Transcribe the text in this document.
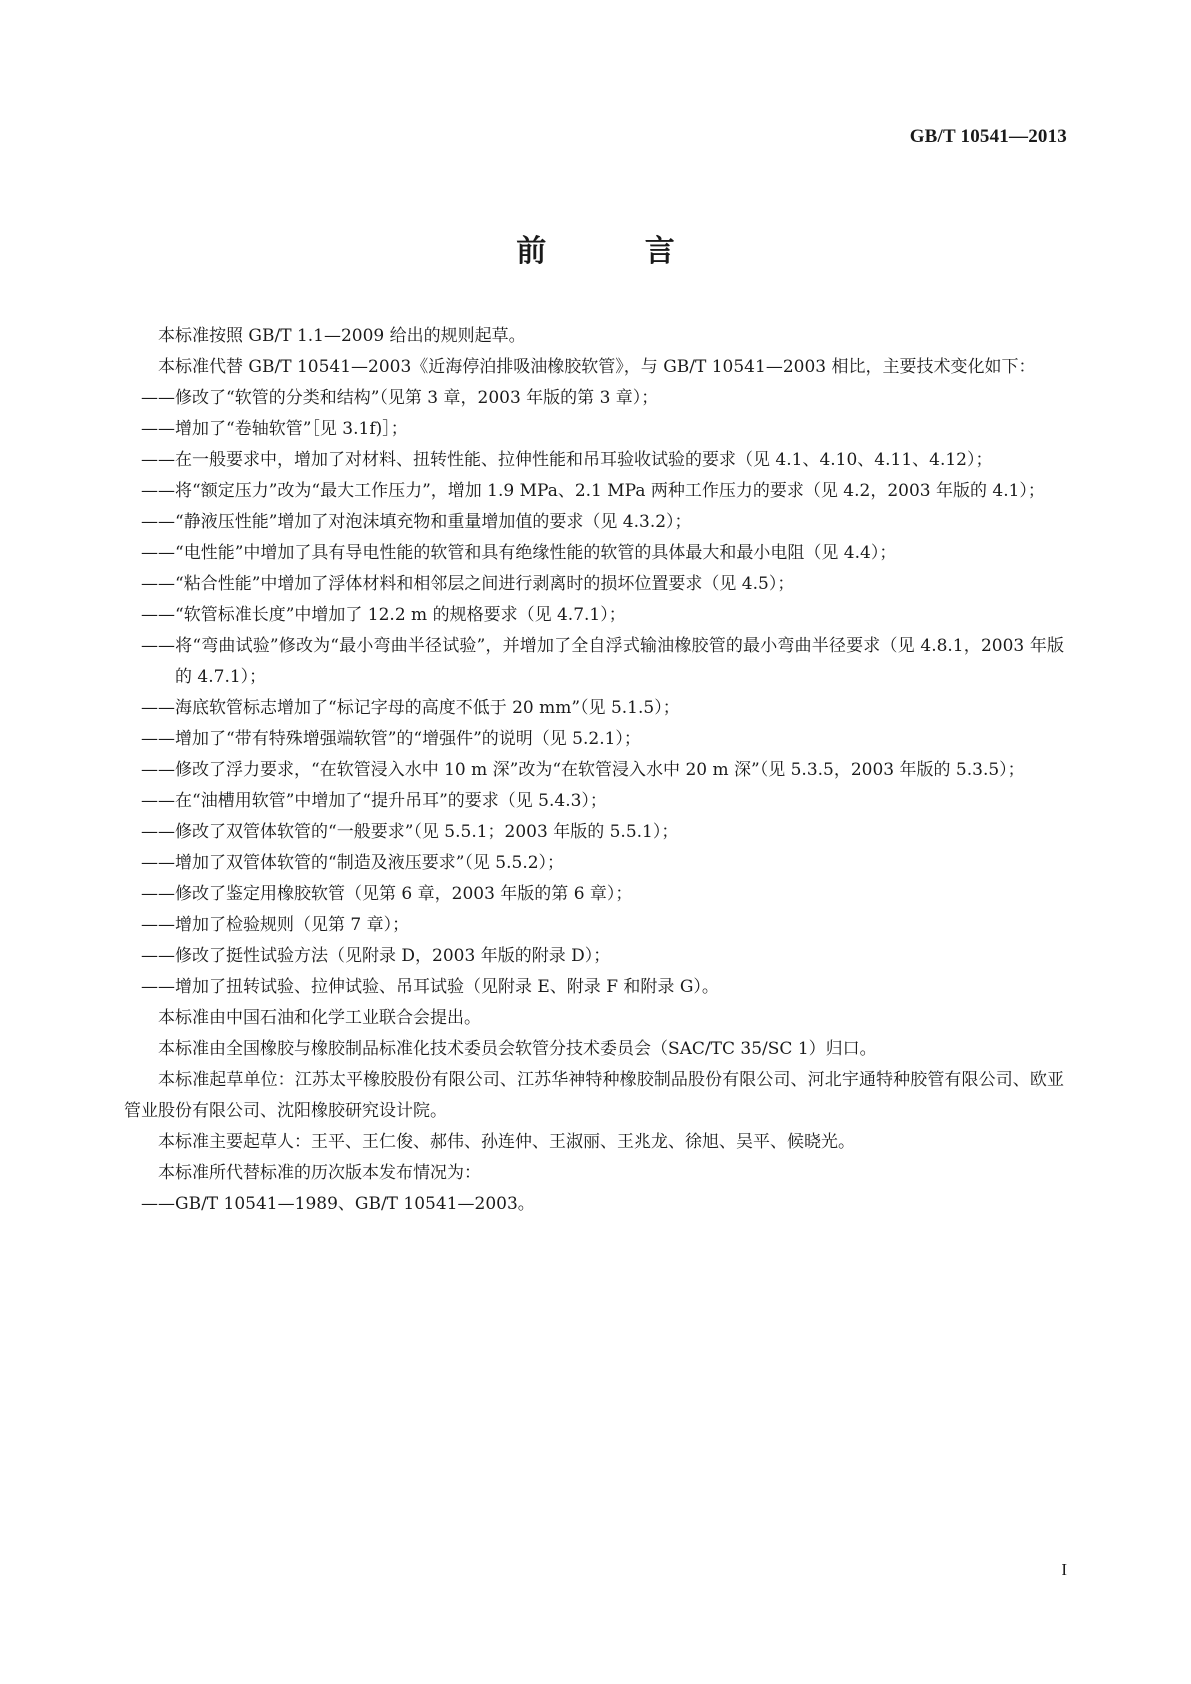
GB/T 10541—2013
前 言
本标准按照 GB/T 1.1—2009 给出的规则起草。
本标准代替 GB/T 10541—2003《近海停泊排吸油橡胶软管》，与 GB/T 10541—2003 相比，主要技术变化如下：
——修改了“软管的分类和结构”（见第 3 章，2003 年版的第 3 章）；
——增加了“卷轴软管”［见 3.1f)］；
——在一般要求中，增加了对材料、扭转性能、拉伸性能和吊耳验收试验的要求（见 4.1、4.10、4.11、4.12）；
——将“额定压力”改为“最大工作压力”，增加 1.9 MPa、2.1 MPa 两种工作压力的要求（见 4.2，2003 年版的 4.1）；
——“静液压性能”增加了对泡沫填充物和重量增加值的要求（见 4.3.2）；
——“电性能”中增加了具有导电性能的软管和具有绝缘性能的软管的具体最大和最小电阻（见 4.4）；
——“粘合性能”中增加了浮体材料和相邻层之间进行剥离时的损坏位置要求（见 4.5）；
——“软管标准长度”中增加了 12.2 m 的规格要求（见 4.7.1）；
——将“弯曲试验”修改为“最小弯曲半径试验”，并增加了全自浮式输油橡胶管的最小弯曲半径要求（见 4.8.1，2003 年版的 4.7.1）；
——海底软管标志增加了“标记字母的高度不低于 20 mm”（见 5.1.5）；
——增加了“带有特殊增强端软管”的“增强件”的说明（见 5.2.1）；
——修改了浮力要求，“在软管浸入水中 10 m 深”改为“在软管浸入水中 20 m 深”（见 5.3.5，2003 年版的 5.3.5）；
——在“油槽用软管”中增加了“提升吊耳”的要求（见 5.4.3）；
——修改了双管体软管的“一般要求”（见 5.5.1；2003 年版的 5.5.1）；
——增加了双管体软管的“制造及液压要求”（见 5.5.2）；
——修改了鉴定用橡胶软管（见第 6 章，2003 年版的第 6 章）；
——增加了检验规则（见第 7 章）；
——修改了挺性试验方法（见附录 D，2003 年版的附录 D）；
——增加了扭转试验、拉伸试验、吊耳试验（见附录 E、附录 F 和附录 G）。
本标准由中国石油和化学工业联合会提出。
本标准由全国橡胶与橡胶制品标准化技术委员会软管分技术委员会（SAC/TC 35/SC 1）归口。
本标准起草单位：江苏太平橡胶股份有限公司、江苏华神特种橡胶制品股份有限公司、河北宇通特种胶管有限公司、欧亚管业股份有限公司、沈阳橡胶研究设计院。
本标准主要起草人：王平、王仁俊、郝伟、孙连仲、王淑丽、王兆龙、徐旭、吴平、候晓光。
本标准所代替标准的历次版本发布情况为：
——GB/T 10541—1989、GB/T 10541—2003。
I
